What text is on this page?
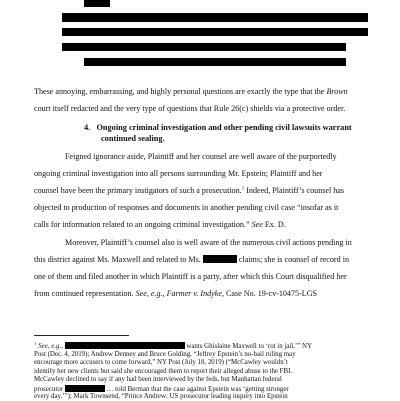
These annoying, embarrassing, and highly personal questions are exactly the type that the Brown
court itself redacted and the very type of questions that Rule 26(c) shields via a protective order.
4. Ongoing criminal investigation and other pending civil lawsuits warrant
continued sealing.
Feigned ignorance aside, Plaintiff and her counsel are well aware of the purportedly
ongoing criminal investigation into all persons surrounding Mr. Epstein; Plaintiff and her
counsel have been the primary instigators of such a prosecution.$^1$ Indeed, Plaintiff’s counsel has
objected to production of responses and documents in another pending civil case “insofar as it
calls for information related to an ongoing criminal investigation.” See Ex. D.
Moreover, Plaintiff’s counsel also is well aware of the numerous civil actions pending in
this district against Ms. Maxwell and related to Ms.	claims; she is counsel of record in
one of them and filed another in which Plaintiff is a party, after which this Court disqualified her
from continued representation. See, e.g., Farmer v. Indyke, Case No. 19-cv-10475-LGS
$^1$ See, e.g.,	wants Ghislaine Maxwell to ‘rot in jail,’” NY
Post (Dec. 4, 2019); Andrew Denney and Bruce Golding, “Jeffrey Epstein’s no-bail ruling may
encourage more accusers to come forward,” NY Post (July 18, 2019) (“McCawley wouldn’t
identify her new clients but said she encouraged them to report their alleged abuse to the FBI.
McCawley declined to say if any had been interviewed by the feds, but Manhattan federal
prosecutor	… told Berman that the case against Epstein was ‘getting stronger
every day.’”); Mark Townsend, “Prince Andrew: US prosecutor leading inquiry into Epstein
